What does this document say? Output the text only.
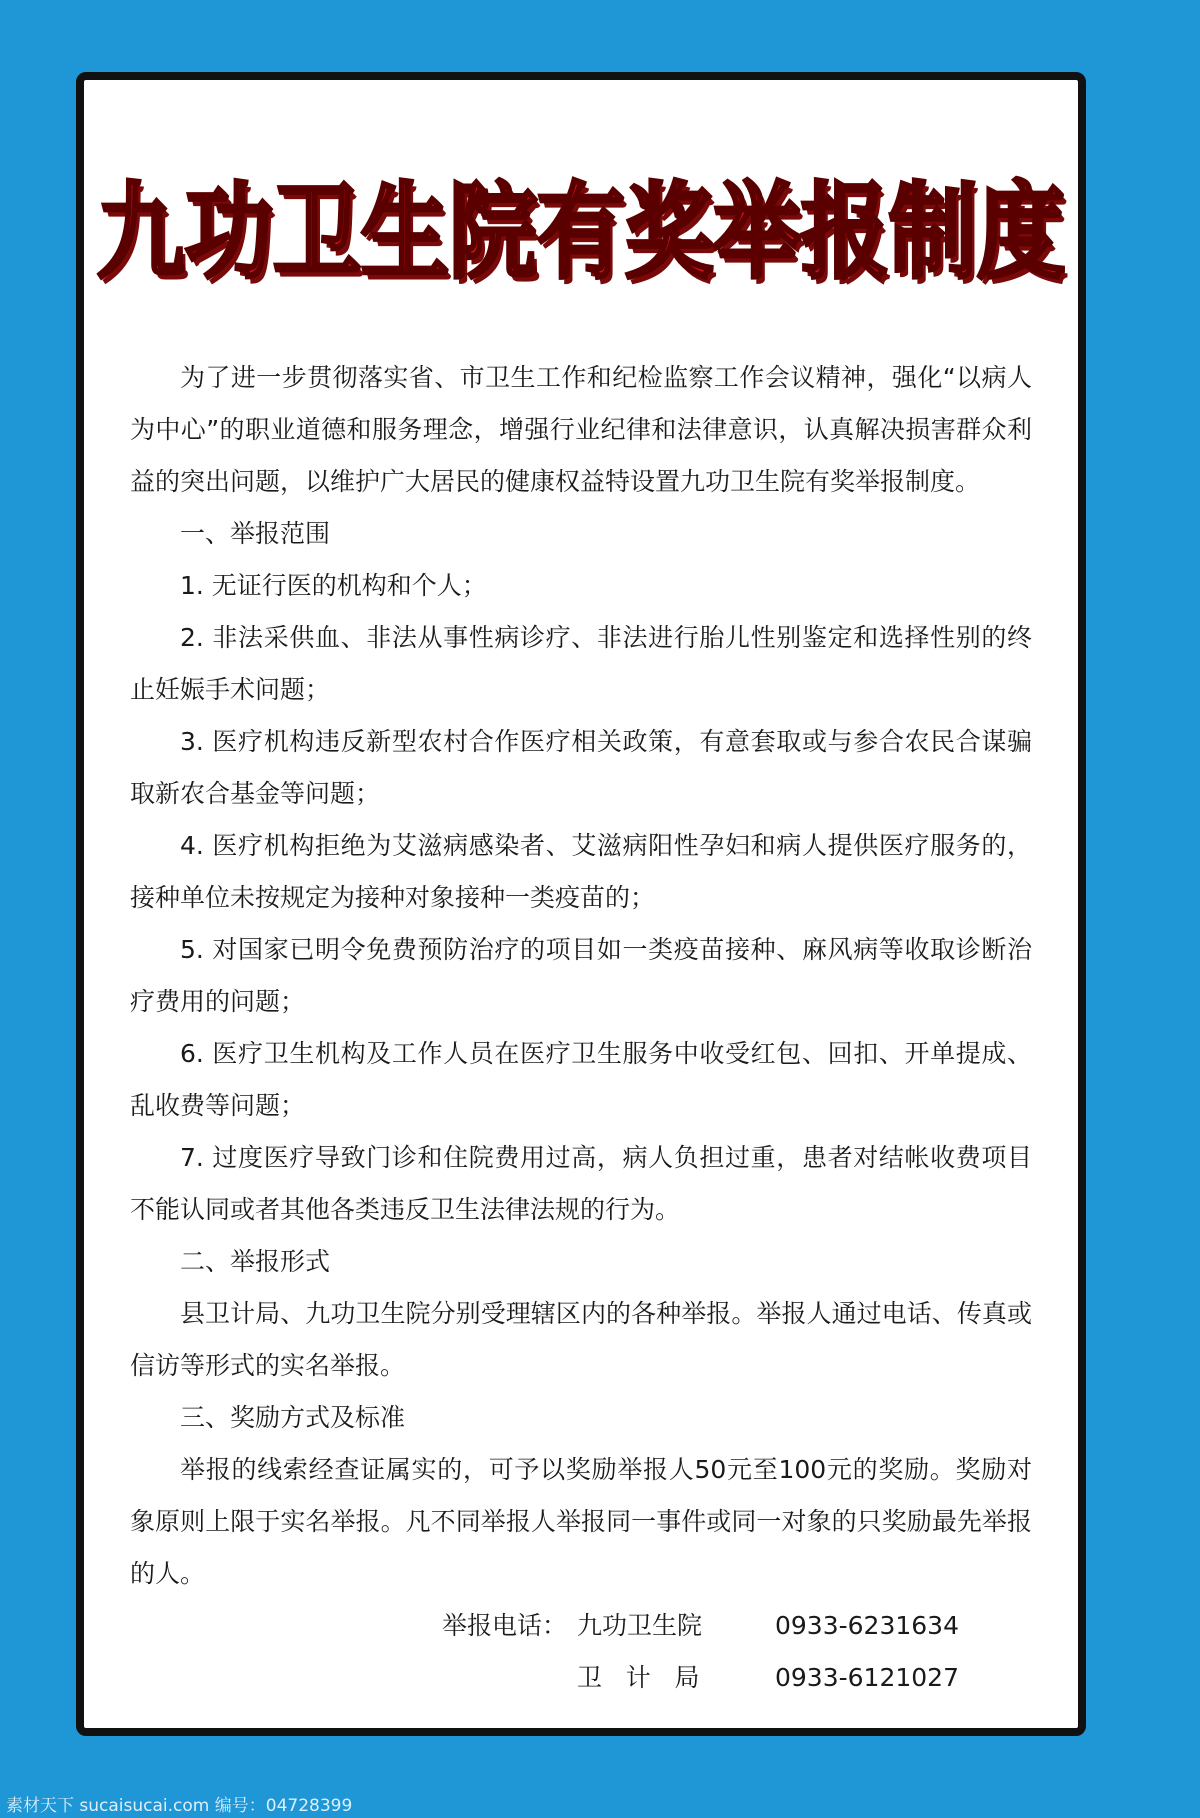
九功卫生院有奖举报制度

为了进一步贯彻落实省、市卫生工作和纪检监察工作会议精神，强化“以病人为中心”的职业道德和服务理念，增强行业纪律和法律意识，认真解决损害群众利益的突出问题，以维护广大居民的健康权益特设置九功卫生院有奖举报制度。

一、举报范围

1. 无证行医的机构和个人；

2. 非法采供血、非法从事性病诊疗、非法进行胎儿性别鉴定和选择性别的终止妊娠手术问题；

3. 医疗机构违反新型农村合作医疗相关政策，有意套取或与参合农民合谋骗取新农合基金等问题；

4. 医疗机构拒绝为艾滋病感染者、艾滋病阳性孕妇和病人提供医疗服务的，接种单位未按规定为接种对象接种一类疫苗的；

5. 对国家已明令免费预防治疗的项目如一类疫苗接种、麻风病等收取诊断治疗费用的问题；

6. 医疗卫生机构及工作人员在医疗卫生服务中收受红包、回扣、开单提成、乱收费等问题；

7. 过度医疗导致门诊和住院费用过高，病人负担过重，患者对结帐收费项目不能认同或者其他各类违反卫生法律法规的行为。

二、举报形式

县卫计局、九功卫生院分别受理辖区内的各种举报。举报人通过电话、传真或信访等形式的实名举报。

三、奖励方式及标准

举报的线索经查证属实的，可予以奖励举报人50元至100元的奖励。奖励对象原则上限于实名举报。凡不同举报人举报同一事件或同一对象的只奖励最先举报的人。

举报电话： 九功卫生院	0933-6231634
卫计局	0933-6121027
素材天下 sucaisucai.com 编号：04728399
